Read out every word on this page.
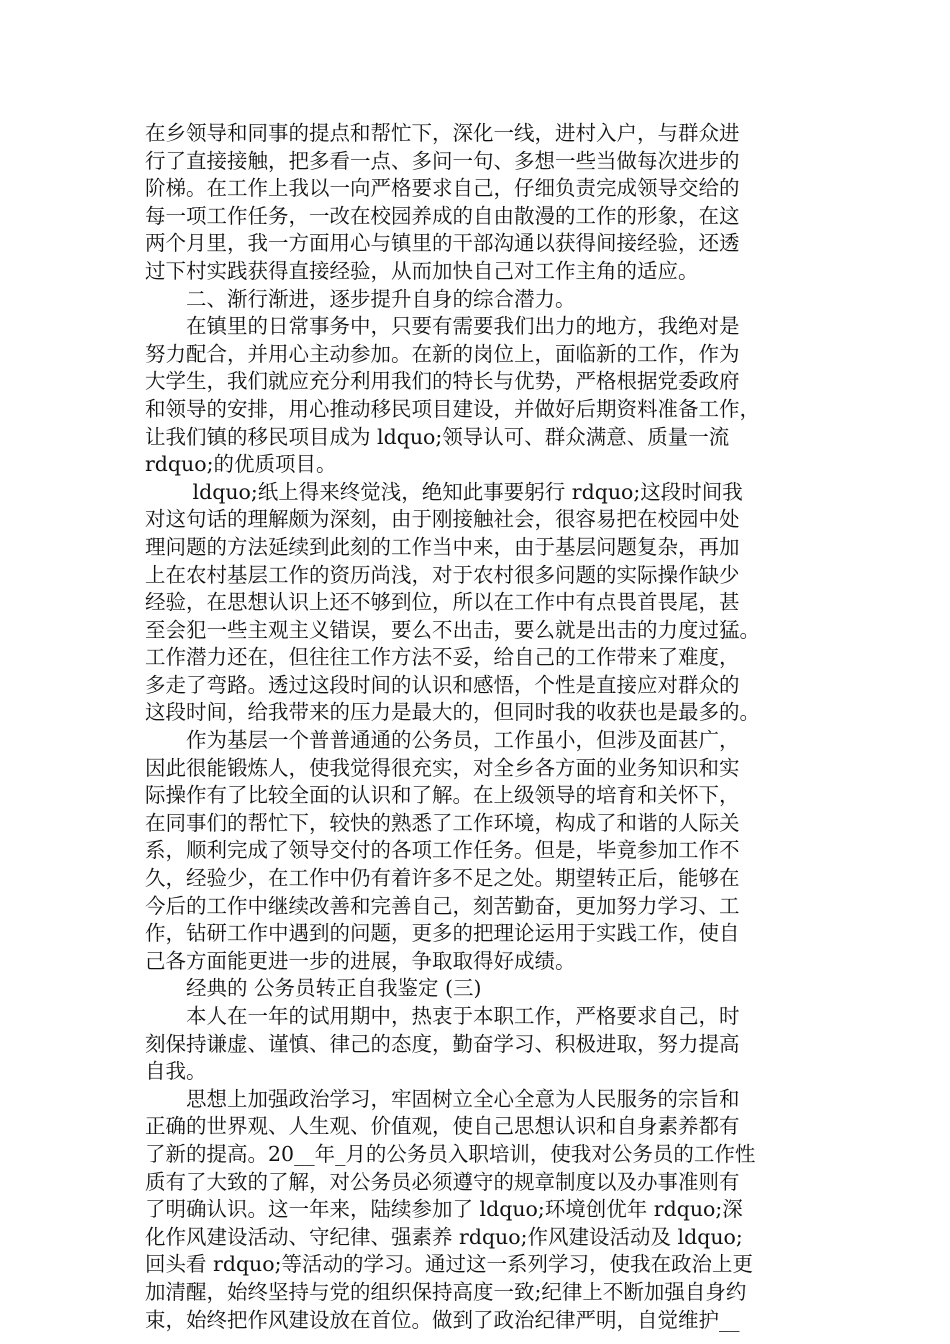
在乡领导和同事的提点和帮忙下，深化一线，进村入户，与群众进
行了直接接触，把多看一点、多问一句、多想一些当做每次进步的
阶梯。在工作上我以一向严格要求自己，仔细负责完成领导交给的
每一项工作任务，一改在校园养成的自由散漫的工作的形象，在这
两个月里，我一方面用心与镇里的干部沟通以获得间接经验，还透
过下村实践获得直接经验，从而加快自己对工作主角的适应。
　　二、渐行渐进，逐步提升自身的综合潜力。
　　在镇里的日常事务中，只要有需要我们出力的地方，我绝对是
努力配合，并用心主动参加。在新的岗位上，面临新的工作，作为
大学生，我们就应充分利用我们的特长与优势，严格根据党委政府
和领导的安排，用心推动移民项目建设，并做好后期资料准备工作，
让我们镇的移民项目成为 ldquo;领导认可、群众满意、质量一流
rdquo;的优质项目。
　　 ldquo;纸上得来终觉浅，绝知此事要躬行 rdquo;这段时间我
对这句话的理解颇为深刻，由于刚接触社会，很容易把在校园中处
理问题的方法延续到此刻的工作当中来，由于基层问题复杂，再加
上在农村基层工作的资历尚浅，对于农村很多问题的实际操作缺少
经验，在思想认识上还不够到位，所以在工作中有点畏首畏尾，甚
至会犯一些主观主义错误，要么不出击，要么就是出击的力度过猛。
工作潜力还在，但往往工作方法不妥，给自己的工作带来了难度，
多走了弯路。透过这段时间的认识和感悟，个性是直接应对群众的
这段时间，给我带来的压力是最大的，但同时我的收获也是最多的。
　　作为基层一个普普通通的公务员，工作虽小，但涉及面甚广，
因此很能锻炼人，使我觉得很充实，对全乡各方面的业务知识和实
际操作有了比较全面的认识和了解。在上级领导的培育和关怀下，
在同事们的帮忙下，较快的熟悉了工作环境，构成了和谐的人际关
系，顺利完成了领导交付的各项工作任务。但是，毕竟参加工作不
久，经验少，在工作中仍有着许多不足之处。期望转正后，能够在
今后的工作中继续改善和完善自己，刻苦勤奋，更加努力学习、工
作，钻研工作中遇到的问题，更多的把理论运用于实践工作，使自
己各方面能更进一步的进展，争取取得好成绩。
　　经典的 公务员转正自我鉴定 (三)
　　本人在一年的试用期中，热衷于本职工作，严格要求自己，时
刻保持谦虚、谨慎、律己的态度，勤奋学习、积极进取，努力提高
自我。
　　思想上加强政治学习，牢固树立全心全意为人民服务的宗旨和
正确的世界观、人生观、价值观，使自己思想认识和自身素养都有
了新的提高。20__年_月的公务员入职培训，使我对公务员的工作性
质有了大致的了解，对公务员必须遵守的规章制度以及办事准则有
了明确认识。这一年来，陆续参加了 ldquo;环境创优年 rdquo;深
化作风建设活动、守纪律、强素养 rdquo;作风建设活动及 ldquo;
回头看 rdquo;等活动的学习。通过这一系列学习，使我在政治上更
加清醒，始终坚持与党的组织保持高度一致;纪律上不断加强自身约
束，始终把作风建设放在首位。做到了政治纪律严明，自觉维护__
